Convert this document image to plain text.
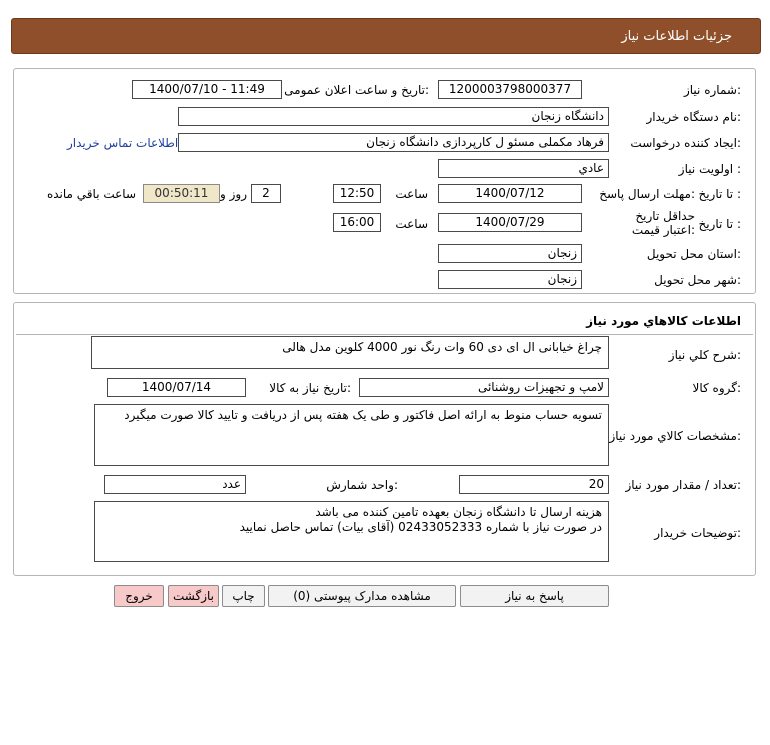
جزئیات اطلاعات نیاز
شماره نیاز:
1200003798000377
تاریخ و ساعت اعلان عمومی:
1400/07/10 - 11:49
نام دستگاه خریدار:
دانشگاه زنجان
ایجاد کننده درخواست:
فرهاد مکملی مسئو ل کارپردازی دانشگاه زنجان
اطلاعات تماس خریدار
اولویت نیاز :
عادي
مهلت ارسال پاسخ: تا تاریخ :
1400/07/12
ساعت
12:50
2
روز و
00:50:11
ساعت باقي مانده
حداقل تاریخ اعتبار قیمت: تا تاریخ :
1400/07/29
ساعت
16:00
استان محل تحویل:
زنجان
شهر محل تحویل:
زنجان
اطلاعات کالاهاي مورد نياز
شرح کلي نياز:
چراغ خیابانی ال ای دی 60 وات رنگ نور 4000 کلوین مدل هالی
گروه کالا:
لامپ و تجهیزات روشنائی
تاریخ نیاز به کالا:
1400/07/14
مشخصات کالاي مورد نياز:
تسویه حساب منوط به ارائه اصل فاکتور و طی یک هفته پس از دریافت و تایید کالا صورت میگیرد
تعداد / مقدار مورد نیاز:
20
واحد شمارش:
عدد
توضیحات خریدار:
هزینه ارسال تا دانشگاه زنجان بعهده تامین کننده می باشد
در صورت نیاز با شماره 02433052333 (آقای بیات) تماس حاصل نمایید
پاسخ به نیاز
مشاهده مدارک پیوستی (0)
چاپ
بازگشت
خروج
